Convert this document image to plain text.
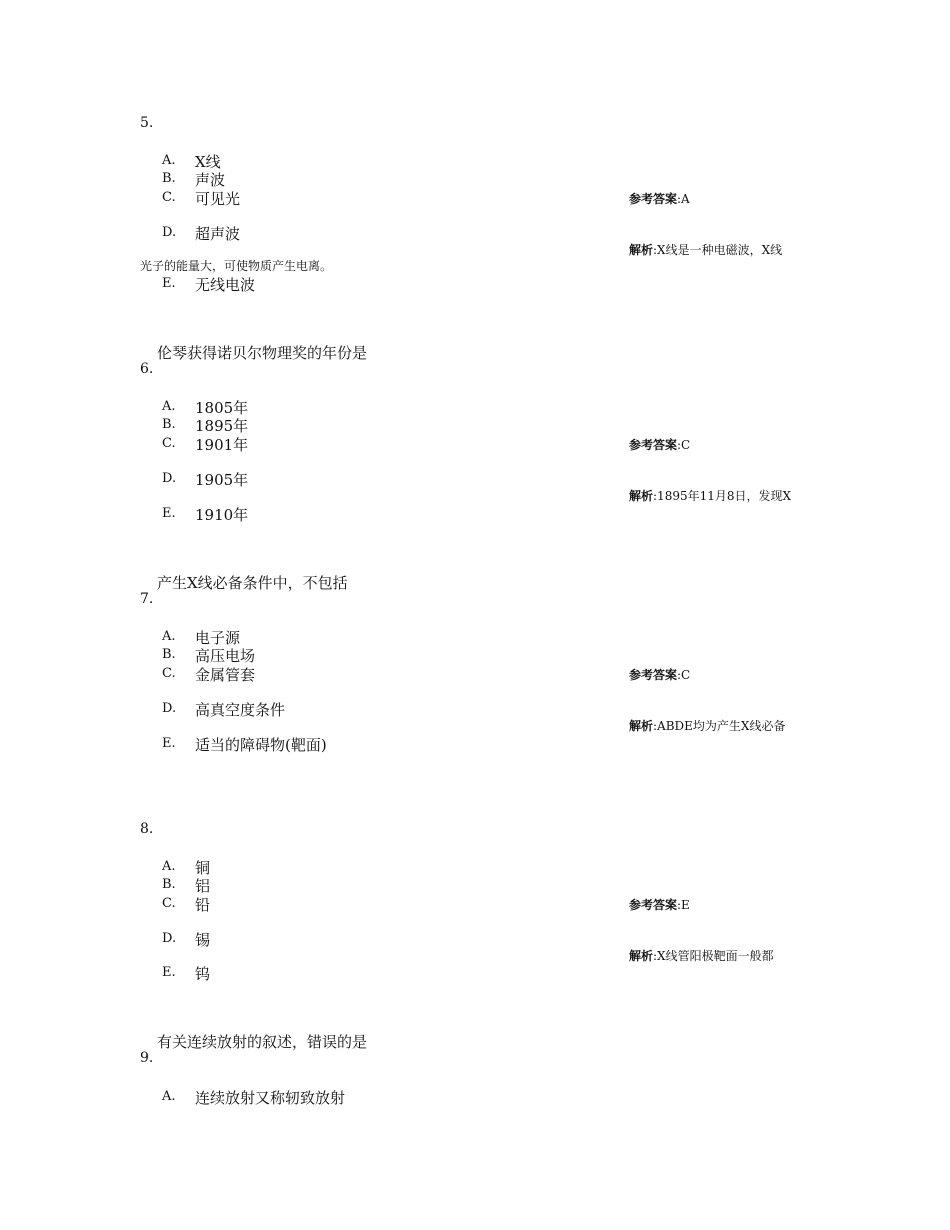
5.
A. X线
B. 声波
C. 可见光
D. 超声波
光子的能量大，可使物质产生电离。
E. 无线电波
参考答案:A
解析:X线是一种电磁波，X线
伦琴获得诺贝尔物理奖的年份是
6.
A. 1805年
B. 1895年
C. 1901年
D. 1905年
E. 1910年
参考答案:C
解析:1895年11月8日，发现X
产生X线必备条件中，不包括
7.
A. 电子源
B. 高压电场
C. 金属管套
D. 高真空度条件
E. 适当的障碍物(靶面)
参考答案:C
解析:ABDE均为产生X线必备
8.
A. 铜
B. 铝
C. 铅
D. 锡
E. 钨
参考答案:E
解析:X线管阳极靶面一般都
有关连续放射的叙述，错误的是
9.
A. 连续放射又称轫致放射
